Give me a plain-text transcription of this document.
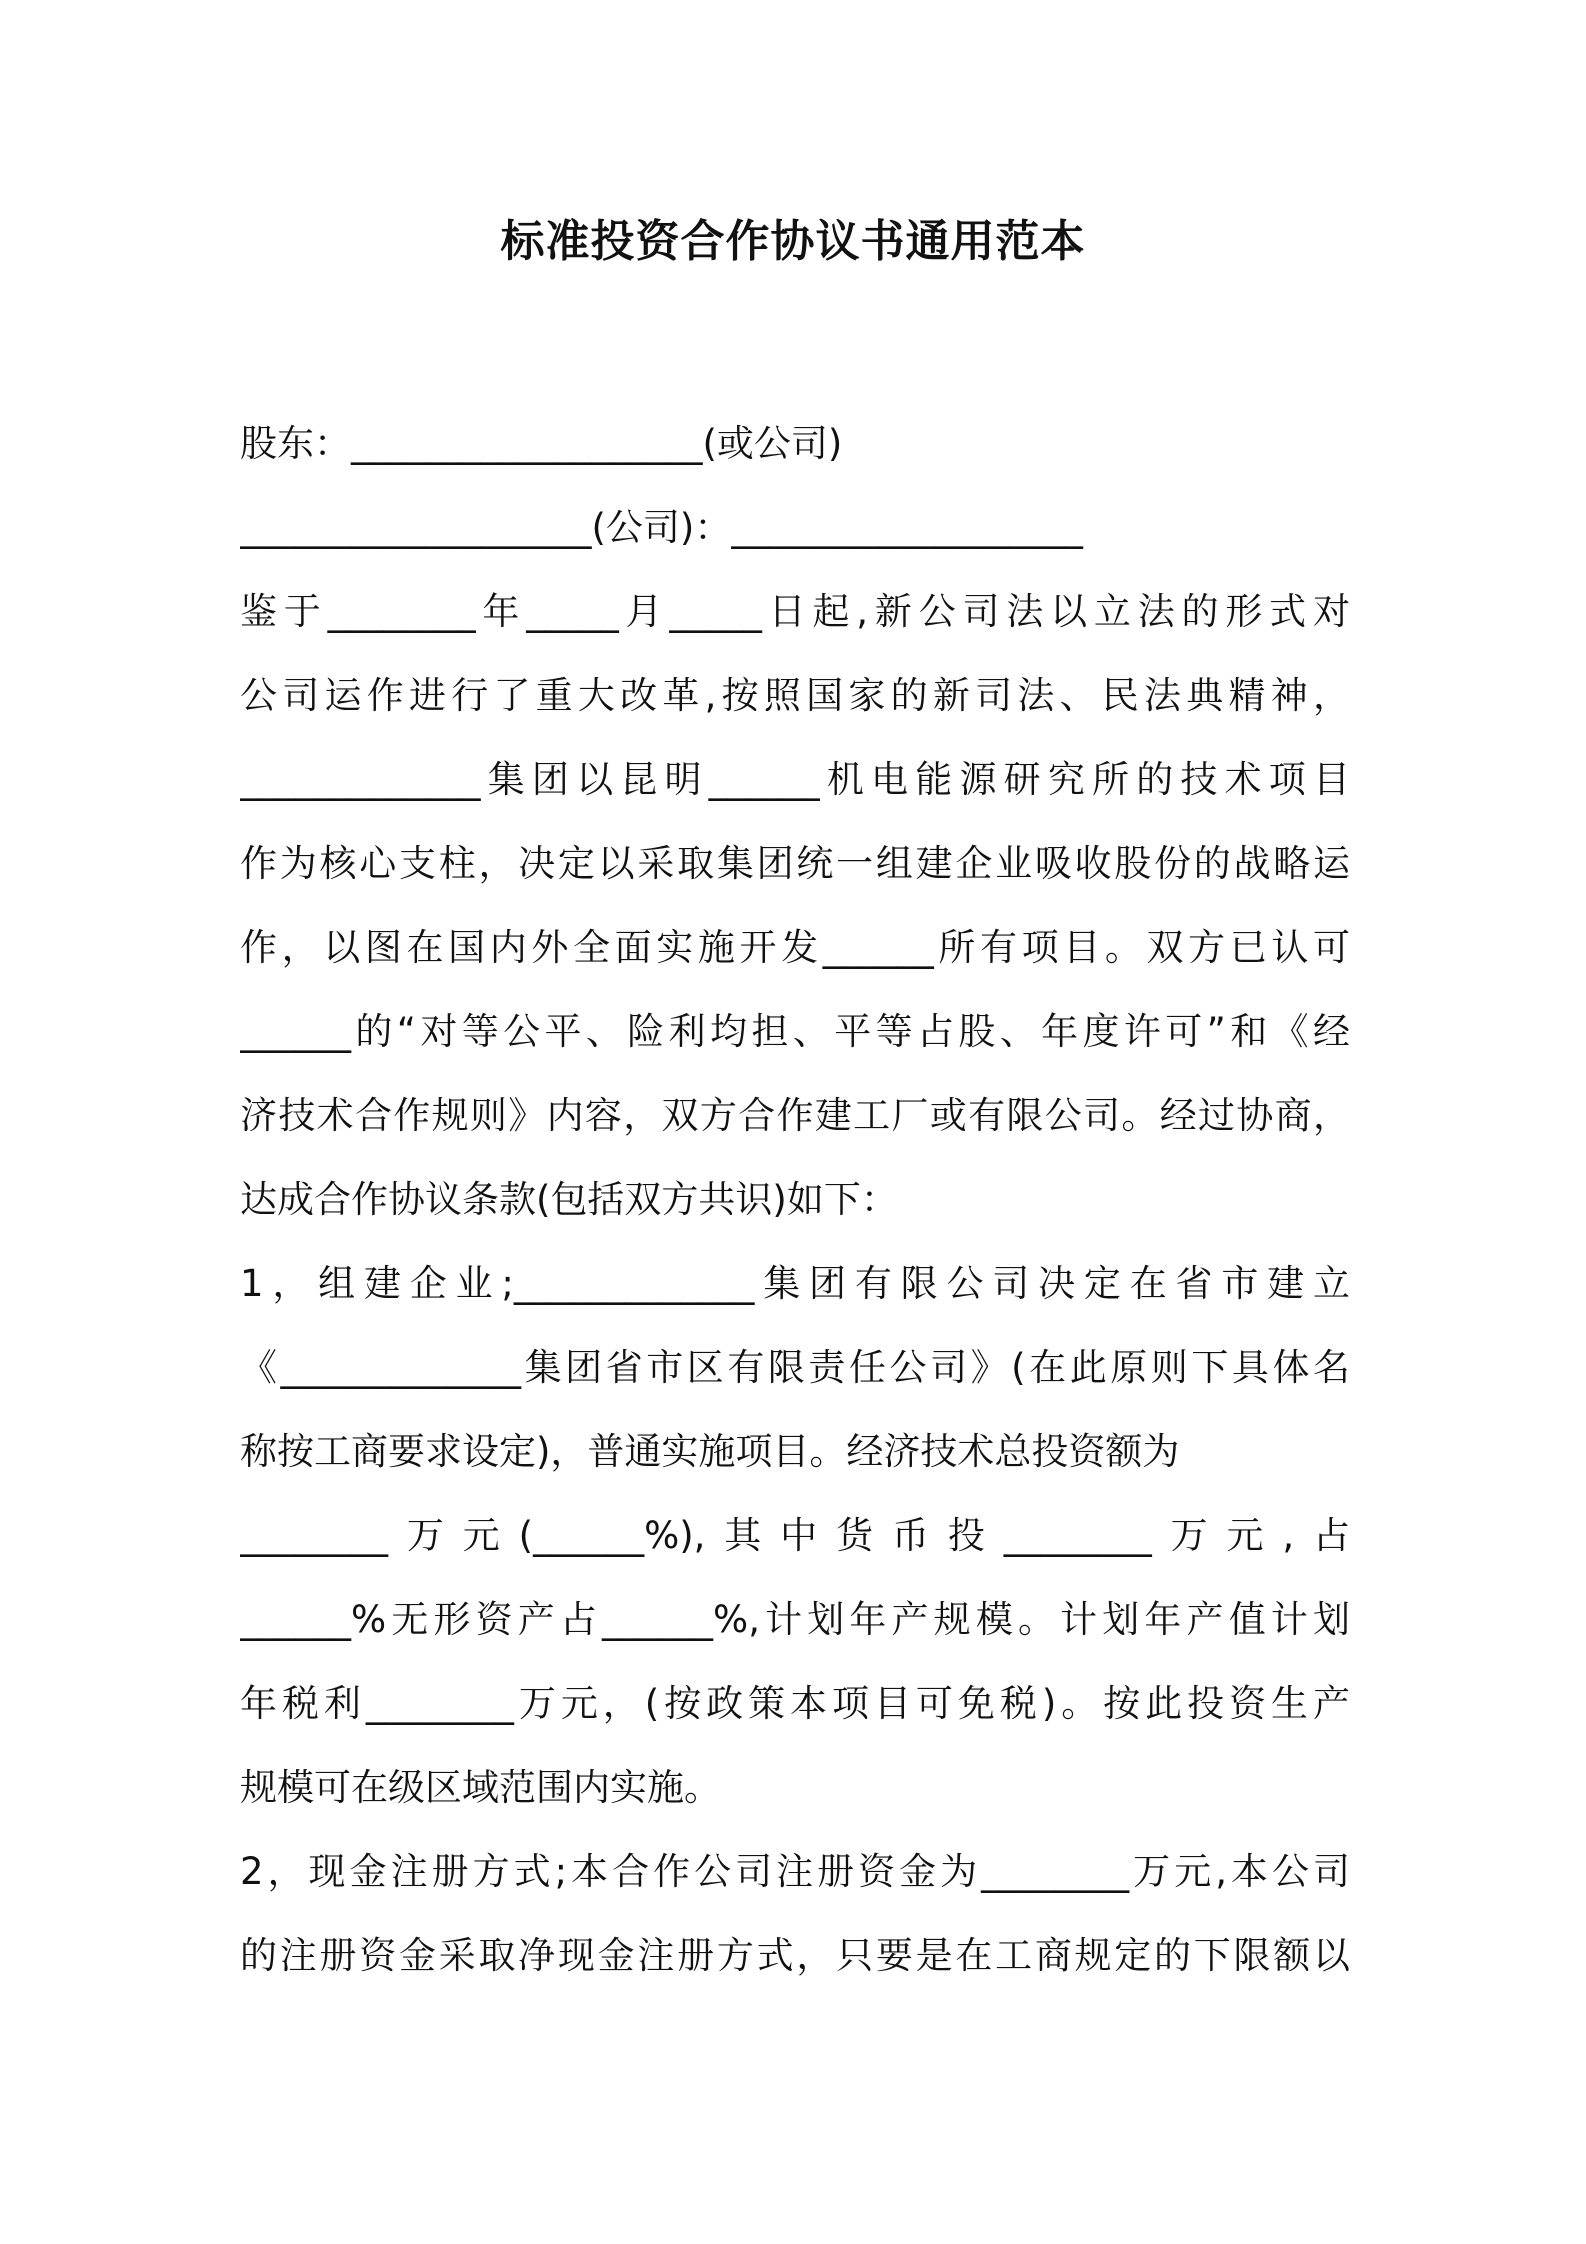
标准投资合作协议书通用范本
股东：___________________(或公司)
___________________(公司)：___________________
鉴于________年_____月_____日起,新公司法以立法的形式对
公司运作进行了重大改革,按照国家的新司法、民法典精神，
_____________集团以昆明______机电能源研究所的技术项目
作为核心支柱，决定以采取集团统一组建企业吸收股份的战略运
作，以图在国内外全面实施开发______所有项目。双方已认可
______的“对等公平、险利均担、平等占股、年度许可”和《经
济技术合作规则》内容，双方合作建工厂或有限公司。经过协商，
达成合作协议条款(包括双方共识)如下：
1，组建企业;_____________集团有限公司决定在省市建立
《_____________集团省市区有限责任公司》(在此原则下具体名
称按工商要求设定)，普通实施项目。经济技术总投资额为
________万元(______%),其中货币投________万元,占
______%无形资产占______%,计划年产规模。计划年产值计划
年税利________万元，(按政策本项目可免税)。按此投资生产
规模可在级区域范围内实施。
2，现金注册方式;本合作公司注册资金为________万元,本公司
的注册资金采取净现金注册方式，只要是在工商规定的下限额以
